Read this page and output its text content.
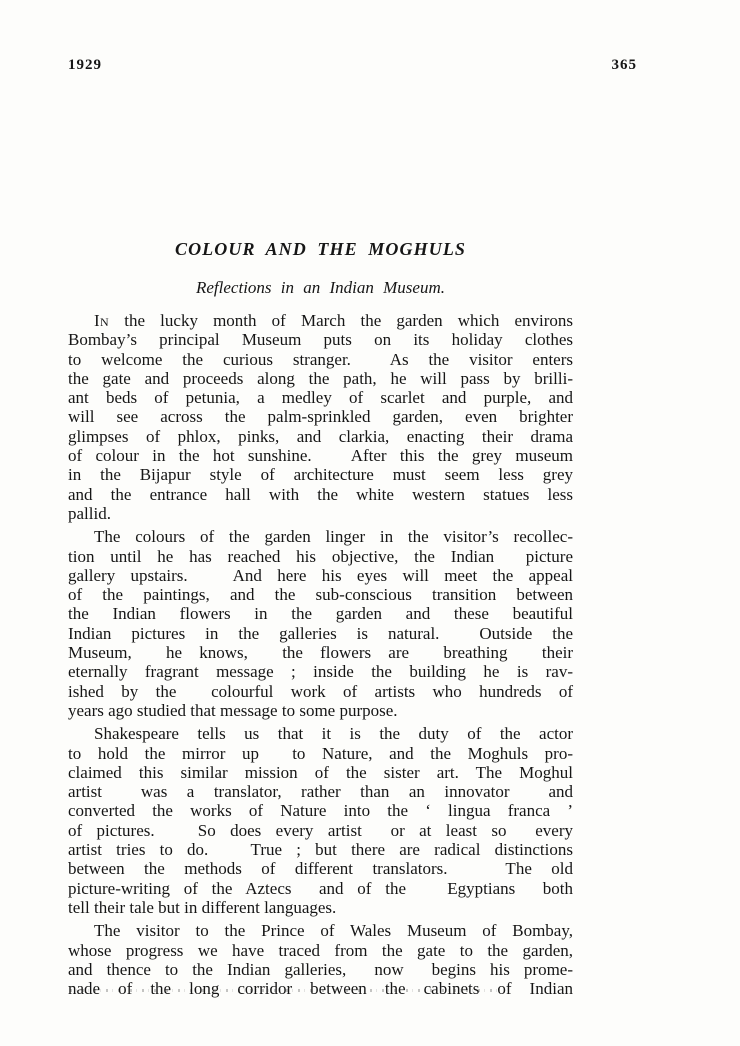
1929	365
COLOUR AND THE MOGHULS
Reflections in an Indian Museum.
In the lucky month of March the garden which environs
Bombay’s principal Museum puts on its holiday clothes
to welcome the curious stranger.  As the visitor enters
the gate and proceeds along the path, he will pass by brilli-
ant beds of petunia, a medley of scarlet and purple, and
will see across the palm-sprinkled garden, even brighter
glimpses of phlox, pinks, and clarkia, enacting their drama
of colour in the hot sunshine.   After this the grey museum
in the Bijapur style of architecture must seem less grey
and the entrance hall with the white western statues less
pallid.
The colours of the garden linger in the visitor’s recollec-
tion until he has reached his objective, the Indian  picture
gallery upstairs.   And here his eyes will meet the appeal
of the paintings, and the sub-conscious transition between
the Indian flowers in the garden and these beautiful
Indian pictures in the galleries is natural.  Outside the
Museum,  he knows,  the flowers are  breathing  their
eternally fragrant message ; inside the building he is rav-
ished by the  colourful work of artists who hundreds of
years ago studied that message to some purpose.
Shakespeare tells us that it is the duty of the actor
to hold the mirror up  to Nature, and the Moghuls pro-
claimed this similar mission of the sister art. The Moghul
artist  was a translator, rather than an innovator  and
converted the works of Nature into the ‘ lingua franca ’
of pictures.   So does every artist  or at least so  every
artist tries to do.   True ; but there are radical distinctions
between the methods of different translators.   The old
picture-writing of the Aztecs  and of the   Egyptians  both
tell their tale but in different languages.
The visitor to the Prince of Wales Museum of Bombay,
whose progress we have traced from the gate to the garden,
and thence to the Indian galleries,  now  begins his prome-
nade of the long corridor between the cabinets of Indian
